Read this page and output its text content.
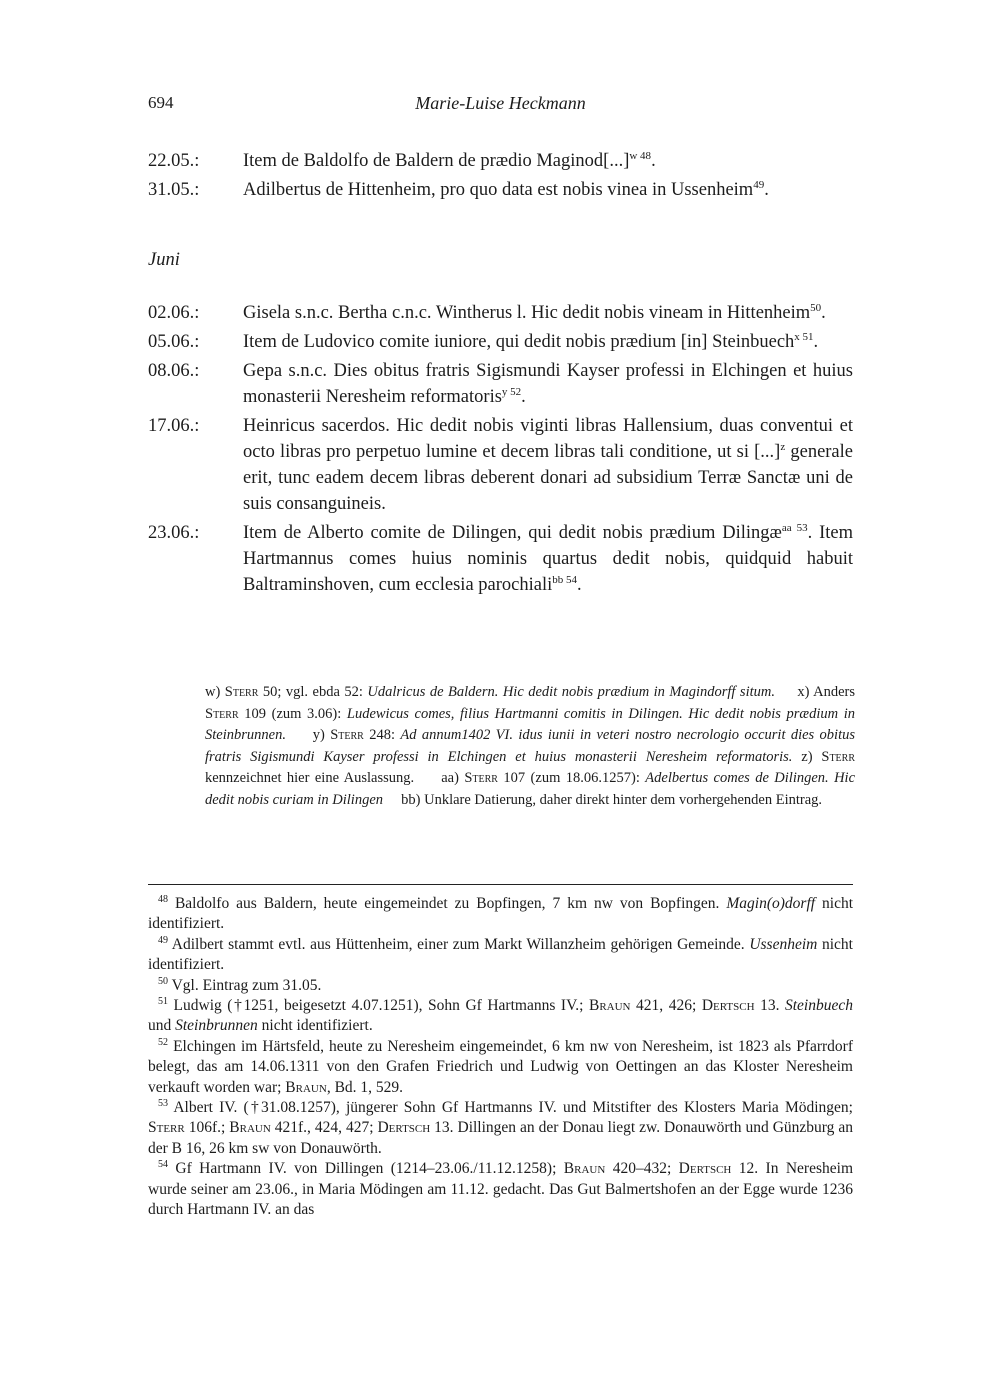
694	Marie-Luise Heckmann
22.05.:	Item de Baldolfo de Baldern de prædio Maginod[...]$^{w 48}$.
31.05.:	Adilbertus de Hittenheim, pro quo data est nobis vinea in Ussenheim$^{49}$.
Juni
02.06.:	Gisela s.n.c. Bertha c.n.c. Wintherus l. Hic dedit nobis vineam in Hittenheim$^{50}$.
05.06.:	Item de Ludovico comite iuniore, qui dedit nobis prædium [in] Steinbuech$^{x 51}$.
08.06.:	Gepa s.n.c. Dies obitus fratris Sigismundi Kayser professi in Elchingen et huius monasterii Neresheim reformatoris$^{y 52}$.
17.06.:	Heinricus sacerdos. Hic dedit nobis viginti libras Hallensium, duas conventui et octo libras pro perpetuo lumine et decem libras tali conditione, ut si [...]$^z$ generale erit, tunc eadem decem libras deberent donari ad subsidium Terræ Sanctæ uni de suis consanguineis.
23.06.:	Item de Alberto comite de Dilingen, qui dedit nobis prædium Dilingæ$^{aa 53}$. Item Hartmannus comes huius nominis quartus dedit nobis, quidquid habuit Baltraminshoven, cum ecclesia parochiali$^{bb 54}$.
w) Sterr 50; vgl. ebda 52: Udalricus de Baldern. Hic dedit nobis prædium in Magindorff situm. x) Anders Sterr 109 (zum 3.06): Ludewicus comes, filius Hartmanni comitis in Dilingen. Hic dedit nobis prædium in Steinbrunnen. y) Sterr 248: Ad annum1402 VI. idus iunii in veteri nostro necrologio occurit dies obitus fratris Sigismundi Kayser professi in Elchingen et huius monasterii Neresheim reformatoris. z) Sterr kennzeichnet hier eine Auslassung. aa) Sterr 107 (zum 18.06.1257): Adelbertus comes de Dilingen. Hic dedit nobis curiam in Dilingen bb) Unklare Datierung, daher direkt hinter dem vorhergehenden Eintrag.

$^{48}$ Baldolfo aus Baldern, heute eingemeindet zu Bopfingen, 7 km nw von Bopfingen. Magin(o)dorff nicht identifiziert.

$^{49}$ Adilbert stammt evtl. aus Hüttenheim, einer zum Markt Willanzheim gehörigen Gemeinde. Ussenheim nicht identifiziert.

$^{50}$ Vgl. Eintrag zum 31.05.

$^{51}$ Ludwig (†1251, beigesetzt 4.07.1251), Sohn Gf Hartmanns IV.; Braun 421, 426; Dertsch 13. Steinbuech und Steinbrunnen nicht identifiziert.

$^{52}$ Elchingen im Härtsfeld, heute zu Neresheim eingemeindet, 6 km nw von Neresheim, ist 1823 als Pfarrdorf belegt, das am 14.06.1311 von den Grafen Friedrich und Ludwig von Oettingen an das Kloster Neresheim verkauft worden war; Braun, Bd. 1, 529.

$^{53}$ Albert IV. (†31.08.1257), jüngerer Sohn Gf Hartmanns IV. und Mitstifter des Klosters Maria Mödingen; Sterr 106f.; Braun 421f., 424, 427; Dertsch 13. Dillingen an der Donau liegt zw. Donauwörth und Günzburg an der B 16, 26 km sw von Donauwörth.

$^{54}$ Gf Hartmann IV. von Dillingen (1214–23.06./11.12.1258); Braun 420–432; Dertsch 12. In Neresheim wurde seiner am 23.06., in Maria Mödingen am 11.12. gedacht. Das Gut Balmertshofen an der Egge wurde 1236 durch Hartmann IV. an das
